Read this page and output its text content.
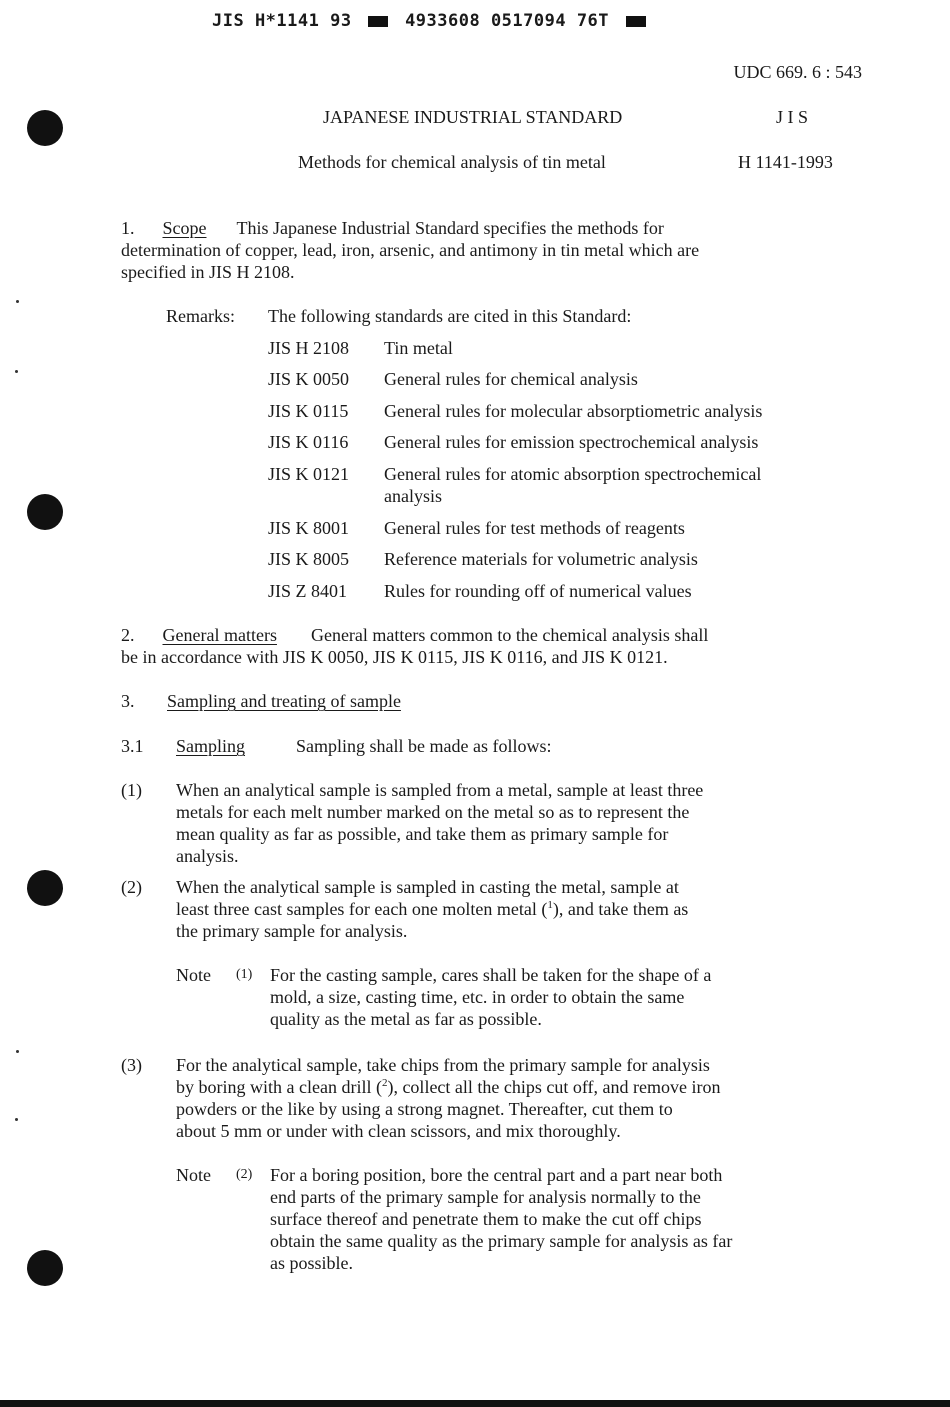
JIS H*1141 93	4933608 0517094 76T
UDC 669. 6 : 543
JAPANESE INDUSTRIAL STANDARD	J I S
Methods for chemical analysis of tin metal	H 1141-1993
1. Scope This Japanese Industrial Standard specifies the methods for
determination of copper, lead, iron, arsenic, and antimony in tin metal which are
specified in JIS H 2108.
Remarks: The following standards are cited in this Standard:
JIS H 2108	Tin metal
JIS K 0050	General rules for chemical analysis
JIS K 0115	General rules for molecular absorptiometric analysis
JIS K 0116	General rules for emission spectrochemical analysis
JIS K 0121	General rules for atomic absorption spectrochemical
analysis
JIS K 8001	General rules for test methods of reagents
JIS K 8005	Reference materials for volumetric analysis
JIS Z 8401	Rules for rounding off of numerical values
2. General matters General matters common to the chemical analysis shall
be in accordance with JIS K 0050, JIS K 0115, JIS K 0116, and JIS K 0121.
3. Sampling and treating of sample
3.1 Sampling	Sampling shall be made as follows:
(1) When an analytical sample is sampled from a metal, sample at least three
metals for each melt number marked on the metal so as to represent the
mean quality as far as possible, and take them as primary sample for
analysis.
(2) When the analytical sample is sampled in casting the metal, sample at
least three cast samples for each one molten metal ($^1$), and take them as
the primary sample for analysis.
Note (1) For the casting sample, cares shall be taken for the shape of a
mold, a size, casting time, etc. in order to obtain the same
quality as the metal as far as possible.
(3) For the analytical sample, take chips from the primary sample for analysis
by boring with a clean drill ($^2$), collect all the chips cut off, and remove iron
powders or the like by using a strong magnet. Thereafter, cut them to
about 5 mm or under with clean scissors, and mix thoroughly.
Note (2) For a boring position, bore the central part and a part near both
end parts of the primary sample for analysis normally to the
surface thereof and penetrate them to make the cut off chips
obtain the same quality as the primary sample for analysis as far
as possible.
